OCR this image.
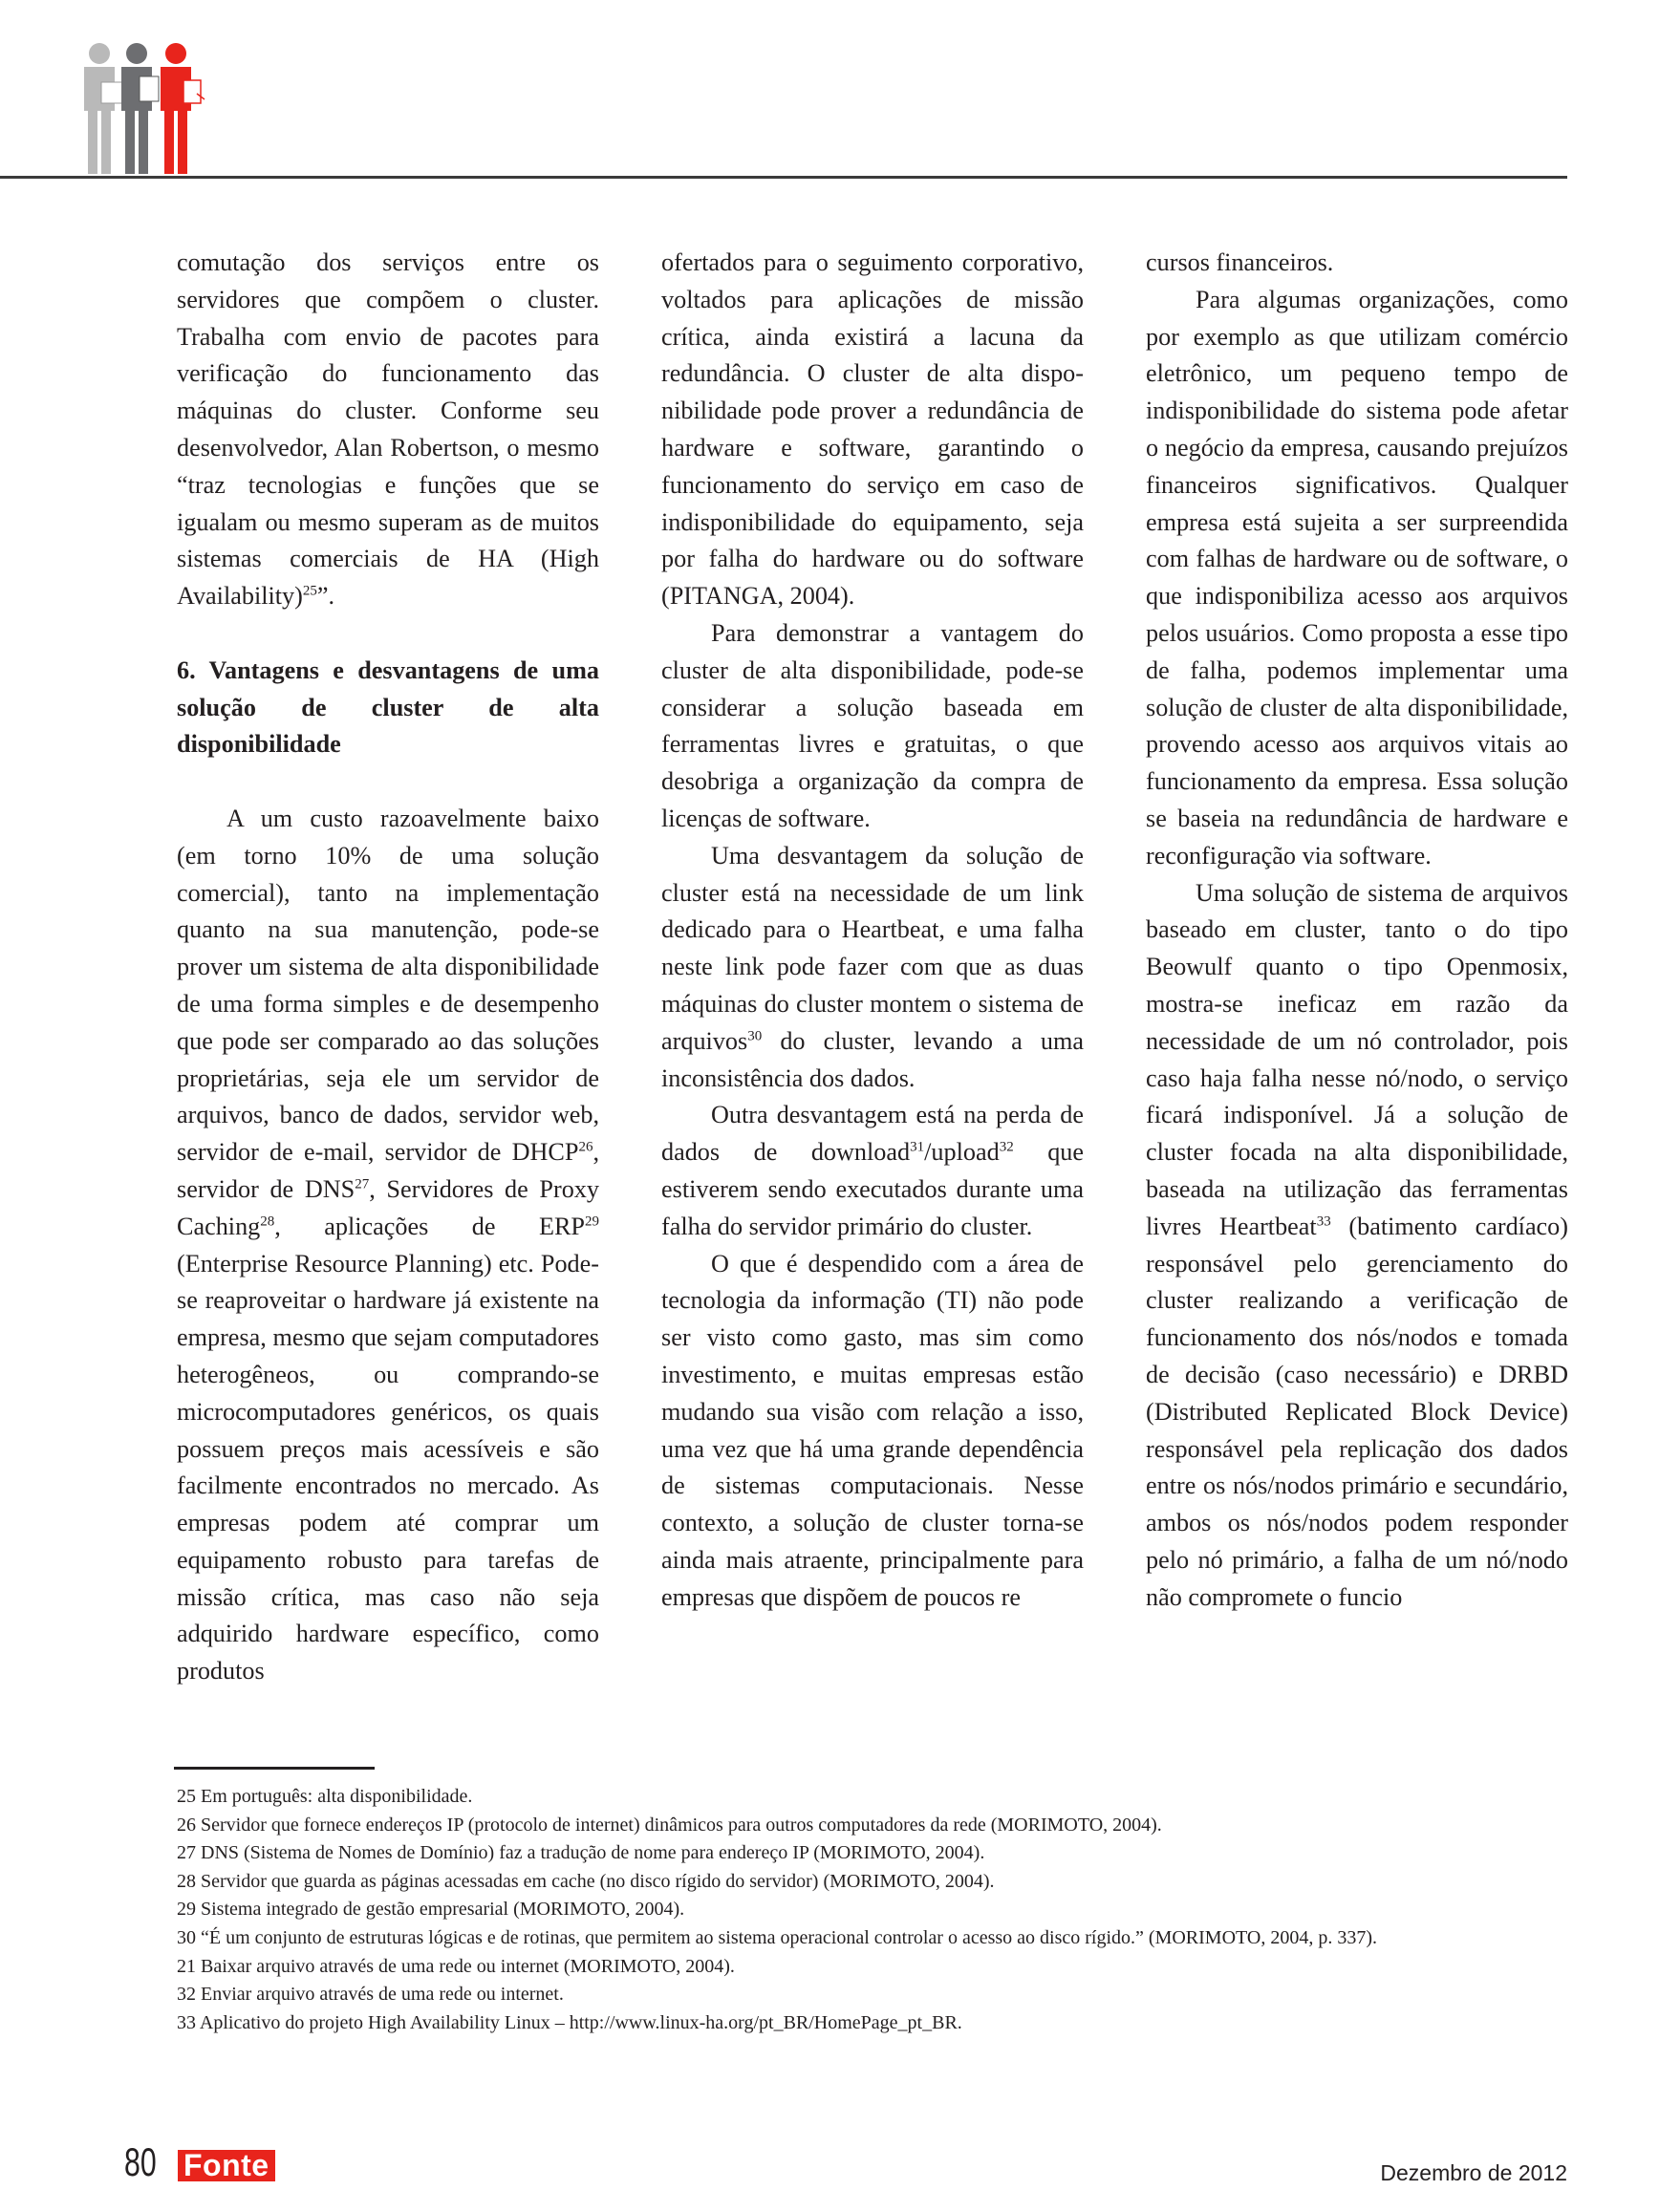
comutação dos serviços entre os servidores que compõem o cluster. Trabalha com envio de pacotes para verificação do funcionamento das máquinas do cluster. Conforme seu desenvolvedor, Alan Robertson, o mesmo “traz tecnologias e funções que se igualam ou mesmo superam as de muitos sistemas comerciais de HA (High Availability)$^{25}$”.

6. Vantagens e desvantagens de uma solução de cluster de alta disponibilidade

A um custo razoavelmente baixo (em torno 10% de uma solução comercial), tanto na implementação quanto na sua manutenção, pode-se prover um sistema de alta disponibilidade de uma forma simples e de desempenho que pode ser comparado ao das soluções proprietárias, seja ele um servidor de arquivos, banco de dados, servidor web, servidor de e-mail, servidor de DHCP$^{26}$, servidor de DNS$^{27}$, Servidores de Proxy Caching$^{28}$, aplicações de ERP$^{29}$ (Enterprise Resource Planning) etc. Pode-se reaproveitar o hardware já existente na empresa, mesmo que sejam computadores heterogêneos, ou comprando-se microcomputadores genéricos, os quais possuem preços mais acessíveis e são facilmente encontrados no mercado. As empresas podem até comprar um equipamento robusto para tarefas de missão crítica, mas caso não seja adquirido hardware específico, como produtos

ofertados para o seguimento corporativo, voltados para aplicações de missão crítica, ainda existirá a lacuna da redundância. O cluster de alta disponibilidade pode prover a redundância de hardware e software, garantindo o funcionamento do serviço em caso de indisponibilidade do equipamento, seja por falha do hardware ou do software (PITANGA, 2004).

Para demonstrar a vantagem do cluster de alta disponibilidade, pode-se considerar a solução baseada em ferramentas livres e gratuitas, o que desobriga a organização da compra de licenças de software.

Uma desvantagem da solução de cluster está na necessidade de um link dedicado para o Heartbeat, e uma falha neste link pode fazer com que as duas máquinas do cluster montem o sistema de arquivos$^{30}$ do cluster, levando a uma inconsistência dos dados.

Outra desvantagem está na perda de dados de download$^{31}$/upload$^{32}$ que estiverem sendo executados durante uma falha do servidor primário do cluster.

O que é despendido com a área de tecnologia da informação (TI) não pode ser visto como gasto, mas sim como investimento, e muitas empresas estão mudando sua visão com relação a isso, uma vez que há uma grande dependência de sistemas computacionais. Nesse contexto, a solução de cluster torna-se ainda mais atraente, principalmente para empresas que dispõem de poucos re

cursos financeiros.

Para algumas organizações, como por exemplo as que utilizam comércio eletrônico, um pequeno tempo de indisponibilidade do sistema pode afetar o negócio da empresa, causando prejuízos financeiros significativos. Qualquer empresa está sujeita a ser surpreendida com falhas de hardware ou de software, o que indisponibiliza acesso aos arquivos pelos usuários. Como proposta a esse tipo de falha, podemos implementar uma solução de cluster de alta disponibilidade, provendo acesso aos arquivos vitais ao funcionamento da empresa. Essa solução se baseia na redundância de hardware e reconfiguração via software.

Uma solução de sistema de arquivos baseado em cluster, tanto o do tipo Beowulf quanto o tipo Openmosix, mostra-se ineficaz em razão da necessidade de um nó controlador, pois caso haja falha nesse nó/nodo, o serviço ficará indisponível. Já a solução de cluster focada na alta disponibilidade, baseada na utilização das ferramentas livres Heartbeat$^{33}$ (batimento cardíaco) responsável pelo gerenciamento do cluster realizando a verificação de funcionamento dos nós/nodos e tomada de decisão (caso necessário) e DRBD (Distributed Replicated Block Device) responsável pela replicação dos dados entre os nós/nodos primário e secundário, ambos os nós/nodos podem responder pelo nó primário, a falha de um nó/nodo não compromete o funcio

25 Em português: alta disponibilidade.
26 Servidor que fornece endereços IP (protocolo de internet) dinâmicos para outros computadores da rede (MORIMOTO, 2004).
27 DNS (Sistema de Nomes de Domínio) faz a tradução de nome para endereço IP (MORIMOTO, 2004).
28 Servidor que guarda as páginas acessadas em cache (no disco rígido do servidor) (MORIMOTO, 2004).
29 Sistema integrado de gestão empresarial (MORIMOTO, 2004).
30 “É um conjunto de estruturas lógicas e de rotinas, que permitem ao sistema operacional controlar o acesso ao disco rígido.” (MORIMOTO, 2004, p. 337).
21 Baixar arquivo através de uma rede ou internet (MORIMOTO, 2004).
32 Enviar arquivo através de uma rede ou internet.
33 Aplicativo do projeto High Availability Linux – http://www.linux-ha.org/pt_BR/HomePage_pt_BR.
80 Fonte	Dezembro de 2012
